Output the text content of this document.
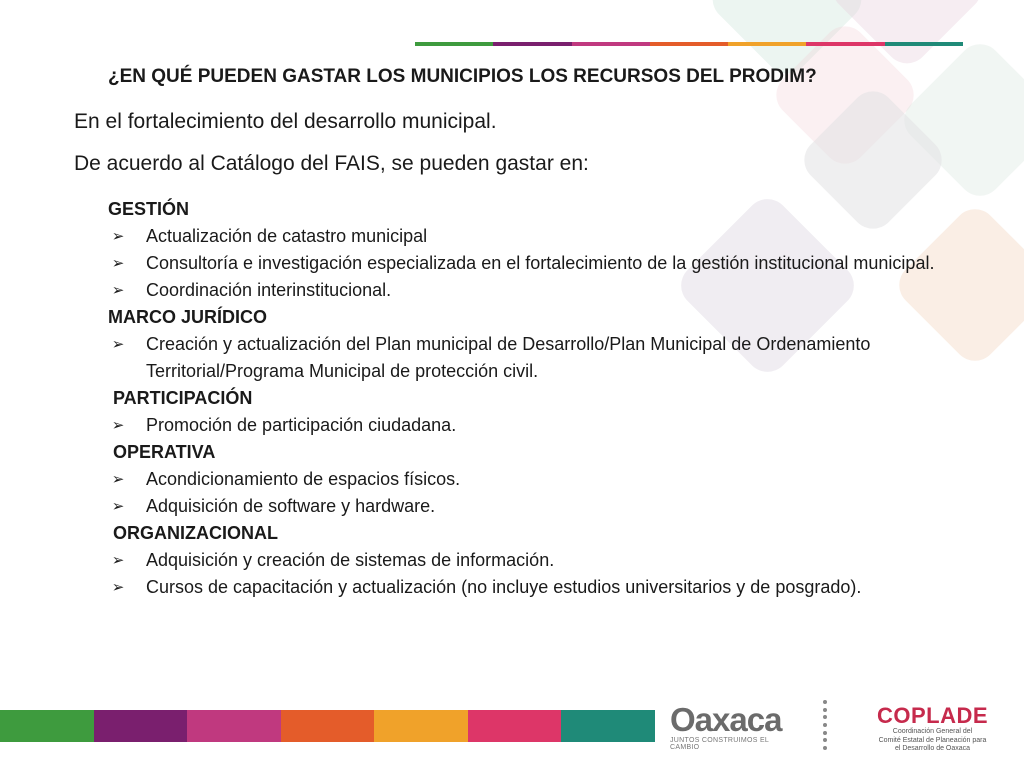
¿EN QUÉ PUEDEN GASTAR LOS MUNICIPIOS LOS RECURSOS DEL PRODIM?

En el fortalecimiento del desarrollo municipal.

De acuerdo al Catálogo del FAIS, se pueden gastar en:

GESTIÓN
➢ Actualización de catastro municipal
➢ Consultoría e investigación especializada en el fortalecimiento de la gestión institucional municipal.
➢ Coordinación interinstitucional.
MARCO JURÍDICO
➢ Creación y actualización del Plan municipal de Desarrollo/Plan Municipal de Ordenamiento Territorial/Programa Municipal de protección civil.
PARTICIPACIÓN
➢ Promoción de participación ciudadana.
OPERATIVA
➢ Acondicionamiento de espacios físicos.
➢ Adquisición de software y hardware.
ORGANIZACIONAL
➢ Adquisición y creación de sistemas de información.
➢ Cursos de capacitación y actualización (no incluye estudios universitarios y de posgrado).
Oaxaca
JUNTOS CONSTRUIMOS EL CAMBIO
COPLADE
Coordinación General del
Comité Estatal de Planeación para
el Desarrollo de Oaxaca
